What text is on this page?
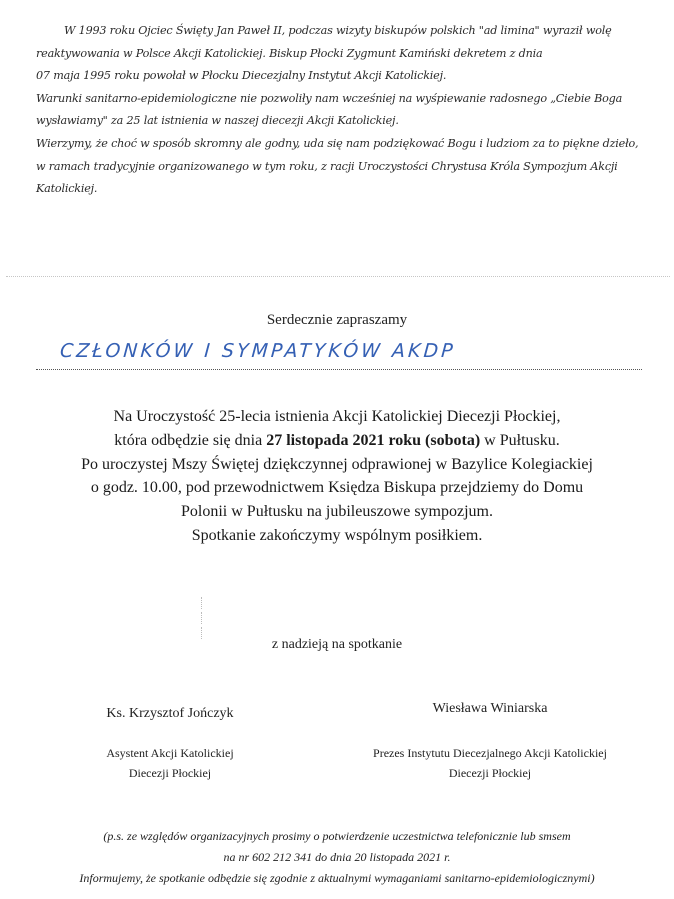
W 1993 roku Ojciec Święty Jan Paweł II, podczas wizyty biskupów polskich "ad limina" wyraził wolę
reaktywowania w Polsce Akcji Katolickiej. Biskup Płocki Zygmunt Kamiński dekretem z dnia
07 maja 1995 roku powołał w Płocku Diecezjalny Instytut Akcji Katolickiej.
Warunki sanitarno-epidemiologiczne nie pozwoliły nam wcześniej na wyśpiewanie radosnego „Ciebie Boga
wysławiamy" za 25 lat istnienia w naszej diecezji Akcji Katolickiej.
Wierzymy, że choć w sposób skromny ale godny, uda się nam podziękować Bogu i ludziom za to piękne dzieło,
w ramach tradycyjnie organizowanego w tym roku, z racji Uroczystości Chrystusa Króla Sympozjum Akcji
Katolickiej.
Serdecznie zapraszamy
CZŁONKÓW I SYMPATYKÓW AKDP
Na Uroczystość 25-lecia istnienia Akcji Katolickiej Diecezji Płockiej,
która odbędzie się dnia 27 listopada 2021 roku (sobota) w Pułtusku.
Po uroczystej Mszy Świętej dziękczynnej odprawionej w Bazylice Kolegiackiej
o godz. 10.00, pod przewodnictwem Księdza Biskupa przejdziemy do Domu
Polonii w Pułtusku na jubileuszowe sympozjum.
Spotkanie zakończymy wspólnym posiłkiem.
z nadzieją na spotkanie
Ks. Krzysztof Jończyk
Asystent Akcji Katolickiej
Diecezji Płockiej
Wiesława Winiarska
Prezes Instytutu Diecezjalnego Akcji Katolickiej
Diecezji Płockiej
(p.s. ze względów organizacyjnych prosimy o potwierdzenie uczestnictwa telefonicznie lub smsem
na nr 602 212 341 do dnia 20 listopada 2021 r.
Informujemy, że spotkanie odbędzie się zgodnie z aktualnymi wymaganiami sanitarno-epidemiologicznymi)
